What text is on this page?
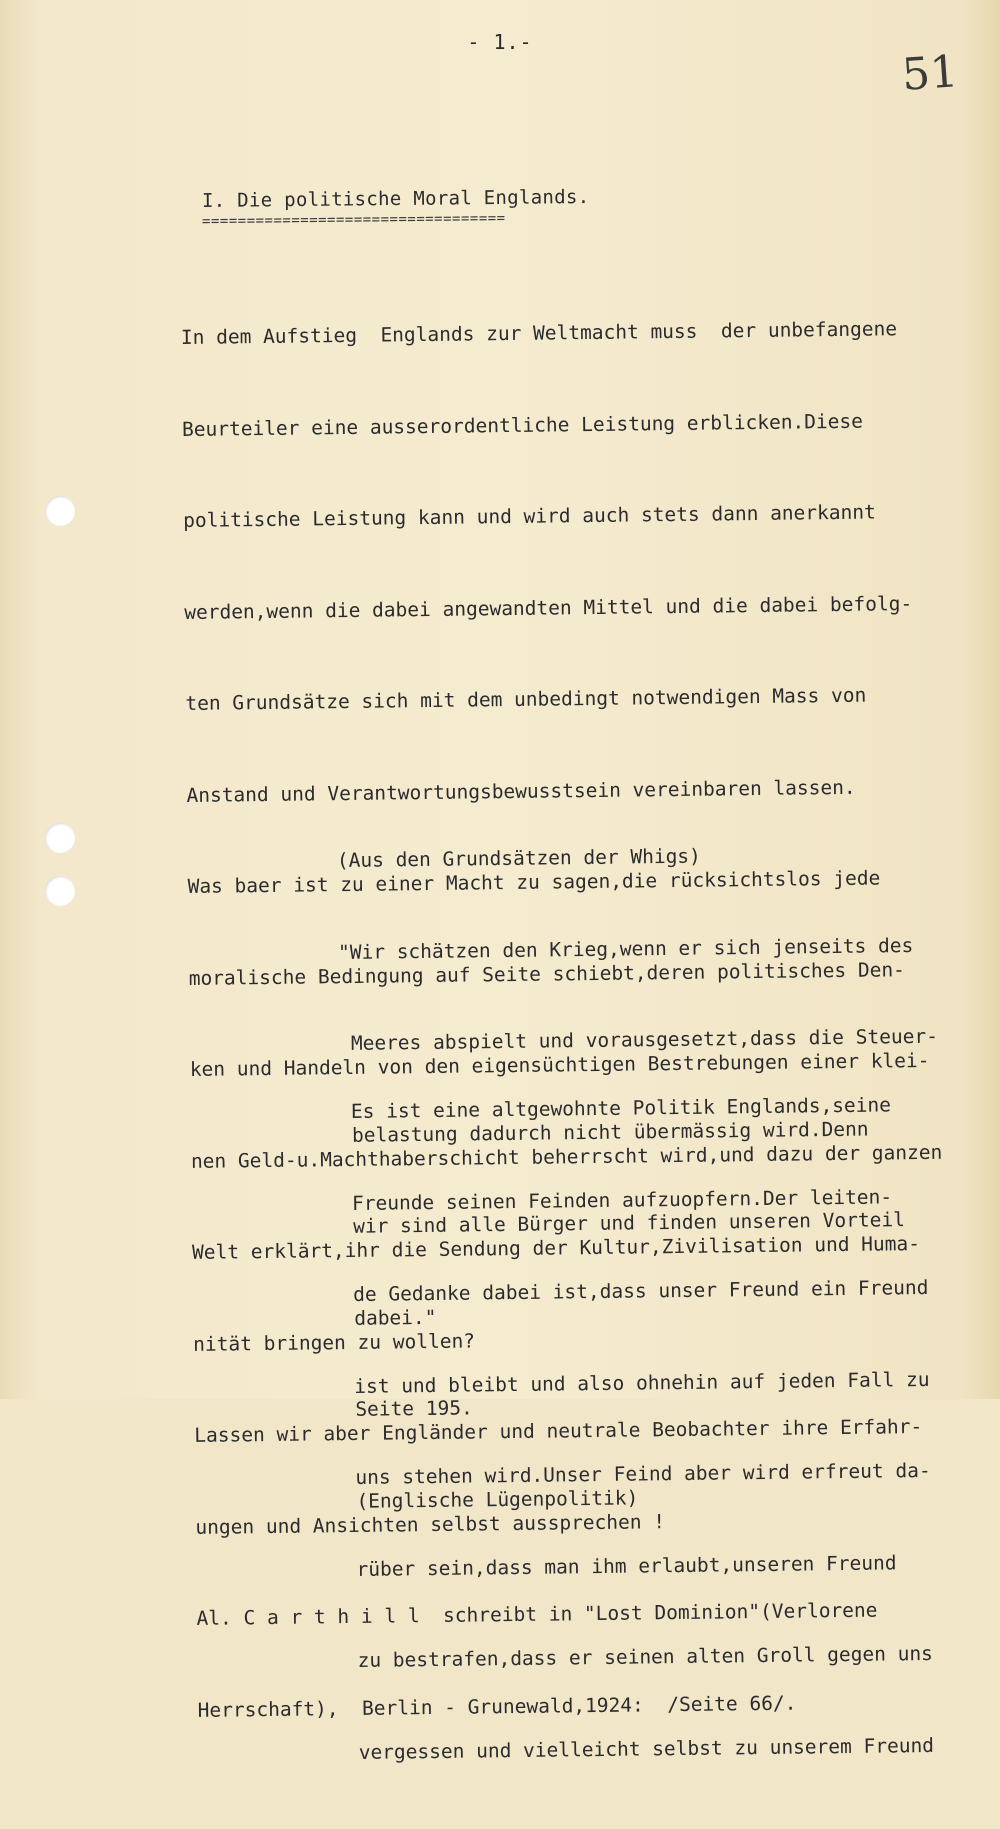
- 1.-
51
I. Die politische Moral Englands.
==================================

In dem Aufstieg  Englands zur Weltmacht muss  der unbefangene

Beurteiler eine ausserordentliche Leistung erblicken.Diese

politische Leistung kann und wird auch stets dann anerkannt

werden,wenn die dabei angewandten Mittel und die dabei befolg-

ten Grundsätze sich mit dem unbedingt notwendigen Mass von

Anstand und Verantwortungsbewusstsein vereinbaren lassen.

Was baer ist zu einer Macht zu sagen,die rücksichtslos jede

moralische Bedingung auf Seite schiebt,deren politisches Den-

ken und Handeln von den eigensüchtigen Bestrebungen einer klei-

nen Geld-u.Machthaberschicht beherrscht wird,und dazu der ganzen

Welt erklärt,ihr die Sendung der Kultur,Zivilisation und Huma-

nität bringen zu wollen?

Lassen wir aber Engländer und neutrale Beobachter ihre Erfahr-

ungen und Ansichten selbst aussprechen !

Al. C a r t h i l l  schreibt in "Lost Dominion"(Verlorene

Herrschaft),  Berlin - Grunewald,1924:  /Seite 66/.

(Aus den Grundsätzen der Whigs)

"Wir schätzen den Krieg,wenn er sich jenseits des

Meeres abspielt und vorausgesetzt,dass die Steuer-

belastung dadurch nicht übermässig wird.Denn

wir sind alle Bürger und finden unseren Vorteil

dabei."

Seite 195.

(Englische Lügenpolitik)

Es ist eine altgewohnte Politik Englands,seine

Freunde seinen Feinden aufzuopfern.Der leiten-

de Gedanke dabei ist,dass unser Freund ein Freund

ist und bleibt und also ohnehin auf jeden Fall zu

uns stehen wird.Unser Feind aber wird erfreut da-

rüber sein,dass man ihm erlaubt,unseren Freund

zu bestrafen,dass er seinen alten Groll gegen uns

vergessen und vielleicht selbst zu unserem Freund
